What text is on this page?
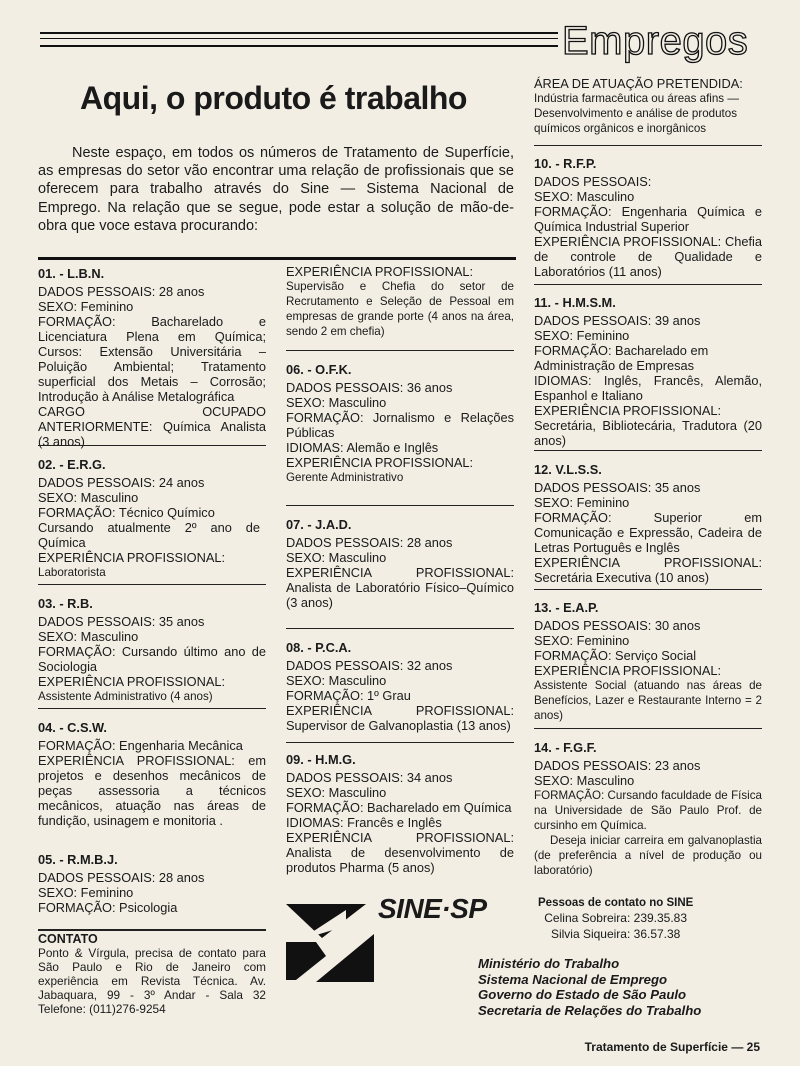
Empregos
Aqui, o produto é trabalho
Neste espaço, em todos os números de Tratamento de Superfície, as empresas do setor vão encontrar uma relação de profissionais que se oferecem para trabalho através do Sine — Sistema Nacional de Emprego. Na relação que se segue, pode estar a solução de mão-de-obra que voce estava procurando:
01. - L.B.N.
DADOS PESSOAIS: 28 anos
SEXO: Feminino
FORMAÇÃO: Bacharelado e Licenciatura Plena em Química; Cursos: Extensão Universitária – Poluição Ambiental; Tratamento superficial dos Metais – Corrosão; Introdução à Análise Metalográfica
CARGO OCUPADO ANTERIORMENTE: Química Analista (3 anos)
02. - E.R.G.
DADOS PESSOAIS: 24 anos
SEXO: Masculino
FORMAÇÃO: Técnico Químico
Cursando atualmente 2º ano de Química
EXPERIÊNCIA PROFISSIONAL:
Laboratorista
03. - R.B.
DADOS PESSOAIS: 35 anos
SEXO: Masculino
FORMAÇÃO: Cursando último ano de Sociologia
EXPERIÊNCIA PROFISSIONAL:
Assistente Administrativo (4 anos)
04. - C.S.W.
FORMAÇÃO: Engenharia Mecânica
EXPERIÊNCIA PROFISSIONAL: em projetos e desenhos mecânicos de peças assessoria a técnicos mecânicos, atuação nas áreas de fundição, usinagem e monitoria .
05. - R.M.B.J.
DADOS PESSOAIS: 28 anos
SEXO: Feminino
FORMAÇÃO: Psicologia
CONTATO
Ponto & Vírgula, precisa de contato para São Paulo e Rio de Janeiro com experiência em Revista Técnica. Av. Jabaquara, 99 - 3º Andar - Sala 32 Telefone: (011)276-9254
EXPERIÊNCIA PROFISSIONAL:
Supervisão e Chefia do setor de Recrutamento e Seleção de Pessoal em empresas de grande porte (4 anos na área, sendo 2 em chefia)
06. - O.F.K.
DADOS PESSOAIS: 36 anos
SEXO: Masculino
FORMAÇÃO: Jornalismo e Relações Públicas
IDIOMAS: Alemão e Inglês
EXPERIÊNCIA PROFISSIONAL:
Gerente Administrativo
07. - J.A.D.
DADOS PESSOAIS: 28 anos
SEXO: Masculino
EXPERIÊNCIA PROFISSIONAL: Analista de Laboratório Físico–Químico (3 anos)
08. - P.C.A.
DADOS PESSOAIS: 32 anos
SEXO: Masculino
FORMAÇÃO: 1º Grau
EXPERIÊNCIA PROFISSIONAL: Supervisor de Galvanoplastia (13 anos)
09. - H.M.G.
DADOS PESSOAIS: 34 anos
SEXO: Masculino
FORMAÇÃO: Bacharelado em Química
IDIOMAS: Francês e Inglês
EXPERIÊNCIA PROFISSIONAL: Analista de desenvolvimento de produtos Pharma (5 anos)
ÁREA DE ATUAÇÃO PRETENDIDA:
Indústria farmacêutica ou áreas afins — Desenvolvimento e análise de produtos químicos orgânicos e inorgânicos
10. - R.F.P.
DADOS PESSOAIS:
SEXO: Masculino
FORMAÇÃO: Engenharia Química e Química Industrial Superior
EXPERIÊNCIA PROFISSIONAL: Chefia de controle de Qualidade e Laboratórios (11 anos)
11. - H.M.S.M.
DADOS PESSOAIS: 39 anos
SEXO: Feminino
FORMAÇÃO: Bacharelado em Administração de Empresas
IDIOMAS: Inglês, Francês, Alemão, Espanhol e Italiano
EXPERIÊNCIA PROFISSIONAL:
Secretária, Bibliotecária, Tradutora (20 anos)
12. V.L.S.S.
DADOS PESSOAIS: 35 anos
SEXO: Feminino
FORMAÇÃO: Superior em Comunicação e Expressão, Cadeira de Letras Português e Inglês
EXPERIÊNCIA PROFISSIONAL: Secretária Executiva (10 anos)
13. - E.A.P.
DADOS PESSOAIS: 30 anos
SEXO: Feminino
FORMAÇÃO: Serviço Social
EXPERIÊNCIA PROFISSIONAL:
Assistente Social (atuando nas áreas de Benefícios, Lazer e Restaurante Interno = 2 anos)
14. - F.G.F.
DADOS PESSOAIS: 23 anos
SEXO: Masculino
FORMAÇÃO: Cursando faculdade de Física na Universidade de São Paulo Prof. de cursinho em Química.
Deseja iniciar carreira em galvanoplastia (de preferência a nível de produção ou laboratório)
SINE·SP	Pessoas de contato no SINE
Celina Sobreira: 239.35.83
Silvia Siqueira: 36.57.38
Ministério do Trabalho
Sistema Nacional de Emprego
Governo do Estado de São Paulo
Secretaria de Relações do Trabalho
Tratamento de Superfície — 25
